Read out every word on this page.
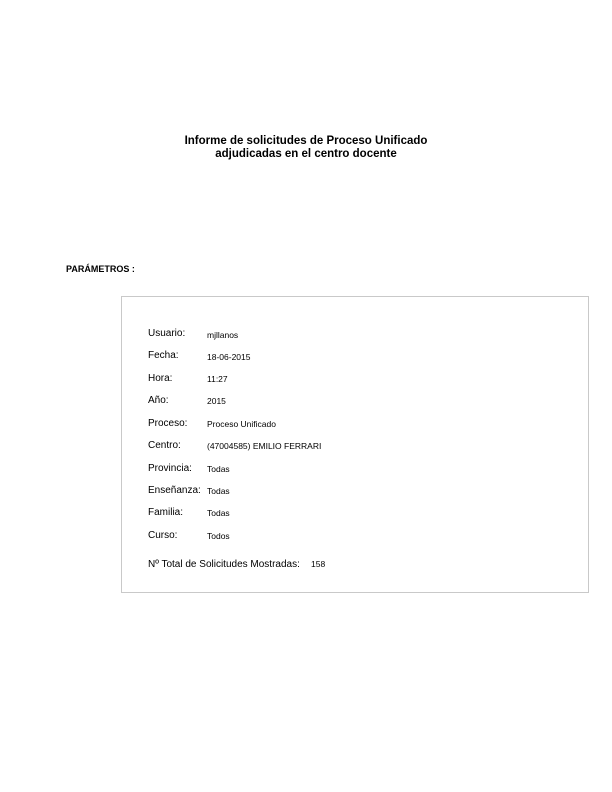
Informe de solicitudes de Proceso Unificado
adjudicadas en el centro docente
PARÁMETROS :
Usuario:	mjllanos
Fecha:	18-06-2015
Hora:	11:27
Año:	2015
Proceso: Proceso Unificado
Centro:	(47004585) EMILIO FERRARI
Provincia: Todas
Enseñanza: Todas
Familia:	Todas
Curso:	Todos
Nº Total de Solicitudes Mostradas: 158
